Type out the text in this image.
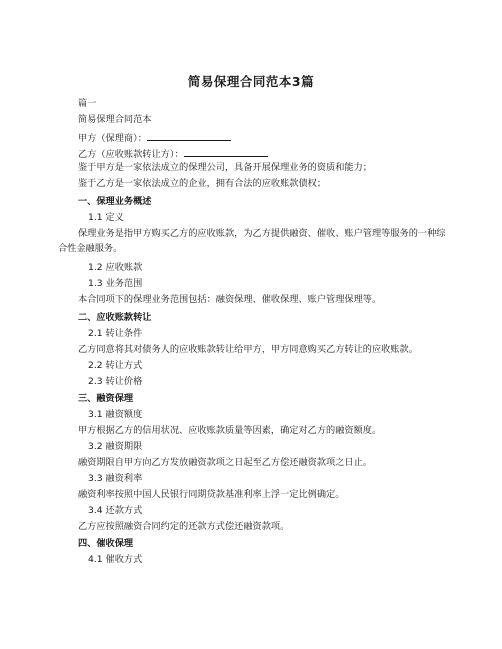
简易保理合同范本3篇
篇一
简易保理合同范本
甲方（保理商）：
乙方（应收账款转让方）：
鉴于甲方是一家依法成立的保理公司，具备开展保理业务的资质和能力；
鉴于乙方是一家依法成立的企业，拥有合法的应收账款债权；
一、保理业务概述
1.1 定义
保理业务是指甲方购买乙方的应收账款，为乙方提供融资、催收、账户管理等服务的一种综合性金融服务。
1.2 应收账款
1.3 业务范围
本合同项下的保理业务范围包括：融资保理、催收保理、账户管理保理等。
二、应收账款转让
2.1 转让条件
乙方同意将其对债务人的应收账款转让给甲方，甲方同意购买乙方转让的应收账款。
2.2 转让方式
2.3 转让价格
三、融资保理
3.1 融资额度
甲方根据乙方的信用状况、应收账款质量等因素，确定对乙方的融资额度。
3.2 融资期限
融资期限自甲方向乙方发放融资款项之日起至乙方偿还融资款项之日止。
3.3 融资利率
融资利率按照中国人民银行同期贷款基准利率上浮一定比例确定。
3.4 还款方式
乙方应按照融资合同约定的还款方式偿还融资款项。
四、催收保理
4.1 催收方式
